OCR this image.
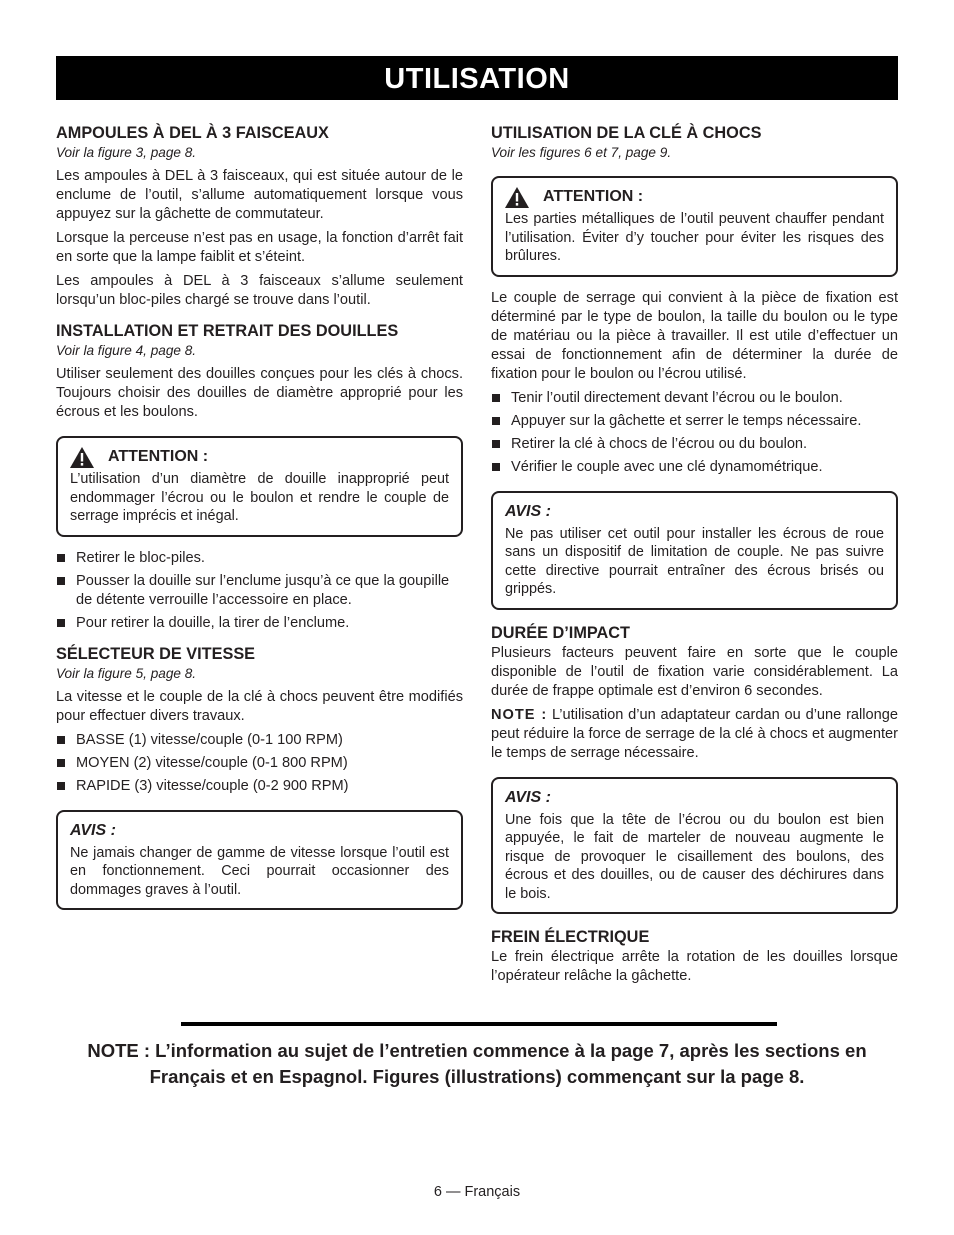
UTILISATION
AMPOULES À DEL À 3 FAISCEAUX
Voir la figure 3, page 8.

Les ampoules à DEL à 3 faisceaux, qui est située autour de le enclume de l’outil, s’allume automatiquement lorsque vous appuyez sur la gâchette de commutateur.

Lorsque la perceuse n’est pas en usage, la fonction d’arrêt fait en sorte que la lampe faiblit et s’éteint.

Les ampoules à DEL à 3 faisceaux s’allume seulement lorsqu’un bloc-piles chargé se trouve dans l’outil.

INSTALLATION ET RETRAIT DES DOUILLES
Voir la figure 4, page 8.

Utiliser seulement des douilles conçues pour les clés à chocs. Toujours choisir des douilles de diamètre approprié pour les écrous et les boulons.

ATTENTION :

L’utilisation d’un diamètre de douille inapproprié peut endommager l’écrou ou le boulon et rendre le couple de serrage imprécis et inégal.

Retirer le bloc-piles.
Pousser la douille sur l’enclume jusqu’à ce que la goupille de détente verrouille l’accessoire en place.
Pour retirer la douille, la tirer de l’enclume.
SÉLECTEUR DE VITESSE
Voir la figure 5, page 8.

La vitesse et le couple de la clé à chocs peuvent être modifiés pour effectuer divers travaux.

BASSE (1) vitesse/couple (0-1 100 RPM)
MOYEN (2) vitesse/couple (0-1 800 RPM)
RAPIDE (3) vitesse/couple (0-2 900 RPM)
AVIS :

Ne jamais changer de gamme de vitesse lorsque l’outil est en fonctionnement. Ceci pourrait occasionner des dommages graves à l’outil.

UTILISATION DE LA CLÉ À CHOCS
Voir les figures 6 et 7, page 9.
ATTENTION :

Les parties métalliques de l’outil peuvent chauffer pendant l’utilisation. Éviter d’y toucher pour éviter les risques des brûlures.

Le couple de serrage qui convient à la pièce de fixation est déterminé par le type de boulon, la taille du boulon ou le type de matériau ou la pièce à travailler. Il est utile d’effectuer un essai de fonctionnement afin de déterminer la durée de fixation pour le boulon ou l’écrou utilisé.

Tenir l’outil directement devant l’écrou ou le boulon.
Appuyer sur la gâchette et serrer le temps nécessaire.
Retirer la clé à chocs de l’écrou ou du boulon.
Vérifier le couple avec une clé dynamométrique.
AVIS :

Ne pas utiliser cet outil pour installer les écrous de roue sans un dispositif de limitation de couple. Ne pas suivre cette directive pourrait entraîner des écrous brisés ou grippés.

DURÉE D’IMPACT

Plusieurs facteurs peuvent faire en sorte que le couple disponible de l’outil de fixation varie considérablement. La durée de frappe optimale est d’environ 6 secondes.

NOTE : L’utilisation d’un adaptateur cardan ou d’une rallonge peut réduire la force de serrage de la clé à chocs et augmenter le temps de serrage nécessaire.

AVIS :

Une fois que la tête de l’écrou ou du boulon est bien appuyée, le fait de marteler de nouveau augmente le risque de provoquer le cisaillement des boulons, des écrous et des douilles, ou de causer des déchirures dans le bois.

FREIN ÉLECTRIQUE

Le frein électrique arrête la rotation de les douilles lorsque l’opérateur relâche la gâchette.

NOTE : L’information au sujet de l’entretien commence à la page 7, après les sections en Français et en Espagnol. Figures (illustrations) commençant sur la page 8.
6 — Français
